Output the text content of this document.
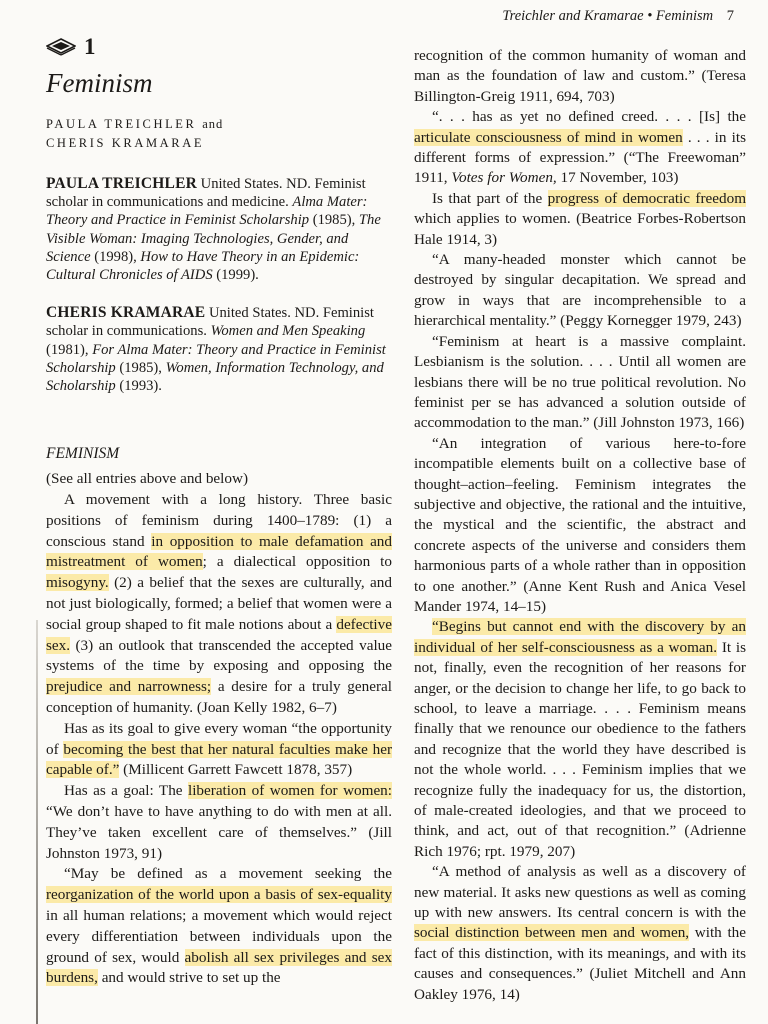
Treichler and Kramarae • Feminism 7
1
Feminism
PAULA TREICHLER and
CHERIS KRAMARAE
PAULA TREICHLER United States. ND. Feminist scholar in communications and medicine. Alma Mater: Theory and Practice in Feminist Scholarship (1985), The Visible Woman: Imaging Technologies, Gender, and Science (1998), How to Have Theory in an Epidemic: Cultural Chronicles of AIDS (1999).
CHERIS KRAMARAE United States. ND. Feminist scholar in communications. Women and Men Speaking (1981), For Alma Mater: Theory and Practice in Feminist Scholarship (1985), Women, Information Technology, and Scholarship (1993).
FEMINISM

(See all entries above and below)

A movement with a long history. Three basic positions of feminism during 1400–1789: (1) a conscious stand in opposition to male defamation and mistreatment of women; a dialectical opposition to misogyny. (2) a belief that the sexes are culturally, and not just biologically, formed; a belief that women were a social group shaped to fit male notions about a defective sex. (3) an outlook that transcended the accepted value systems of the time by exposing and opposing the prejudice and narrowness; a desire for a truly general conception of humanity. (Joan Kelly 1982, 6–7)

Has as its goal to give every woman “the opportunity of becoming the best that her natural faculties make her capable of.” (Millicent Garrett Fawcett 1878, 357)

Has as a goal: The liberation of women for women: “We don’t have to have anything to do with men at all. They’ve taken excellent care of themselves.” (Jill Johnston 1973, 91)

“May be defined as a movement seeking the reorganization of the world upon a basis of sex-equality in all human relations; a movement which would reject every differentiation between individuals upon the ground of sex, would abolish all sex privileges and sex burdens, and would strive to set up the

recognition of the common humanity of woman and man as the foundation of law and custom.” (Teresa Billington-Greig 1911, 694, 703)

“. . . has as yet no defined creed. . . . [Is] the articulate consciousness of mind in women . . . in its different forms of expression.” (“The Freewoman” 1911, Votes for Women, 17 November, 103)

Is that part of the progress of democratic freedom which applies to women. (Beatrice Forbes-Robertson Hale 1914, 3)

“A many-headed monster which cannot be destroyed by singular decapitation. We spread and grow in ways that are incomprehensible to a hierarchical mentality.” (Peggy Kornegger 1979, 243)

“Feminism at heart is a massive complaint. Lesbianism is the solution. . . . Until all women are lesbians there will be no true political revolution. No feminist per se has advanced a solution outside of accommodation to the man.” (Jill Johnston 1973, 166)

“An integration of various here-to-fore incompatible elements built on a collective base of thought–action–feeling. Feminism integrates the subjective and objective, the rational and the intuitive, the mystical and the scientific, the abstract and concrete aspects of the universe and considers them harmonious parts of a whole rather than in opposition to one another.” (Anne Kent Rush and Anica Vesel Mander 1974, 14–15)

“Begins but cannot end with the discovery by an individual of her self-consciousness as a woman. It is not, finally, even the recognition of her reasons for anger, or the decision to change her life, to go back to school, to leave a marriage. . . . Feminism means finally that we renounce our obedience to the fathers and recognize that the world they have described is not the whole world. . . . Feminism implies that we recognize fully the inadequacy for us, the distortion, of male-created ideologies, and that we proceed to think, and act, out of that recognition.” (Adrienne Rich 1976; rpt. 1979, 207)

“A method of analysis as well as a discovery of new material. It asks new questions as well as coming up with new answers. Its central concern is with the social distinction between men and women, with the fact of this distinction, with its meanings, and with its causes and consequences.” (Juliet Mitchell and Ann Oakley 1976, 14)
